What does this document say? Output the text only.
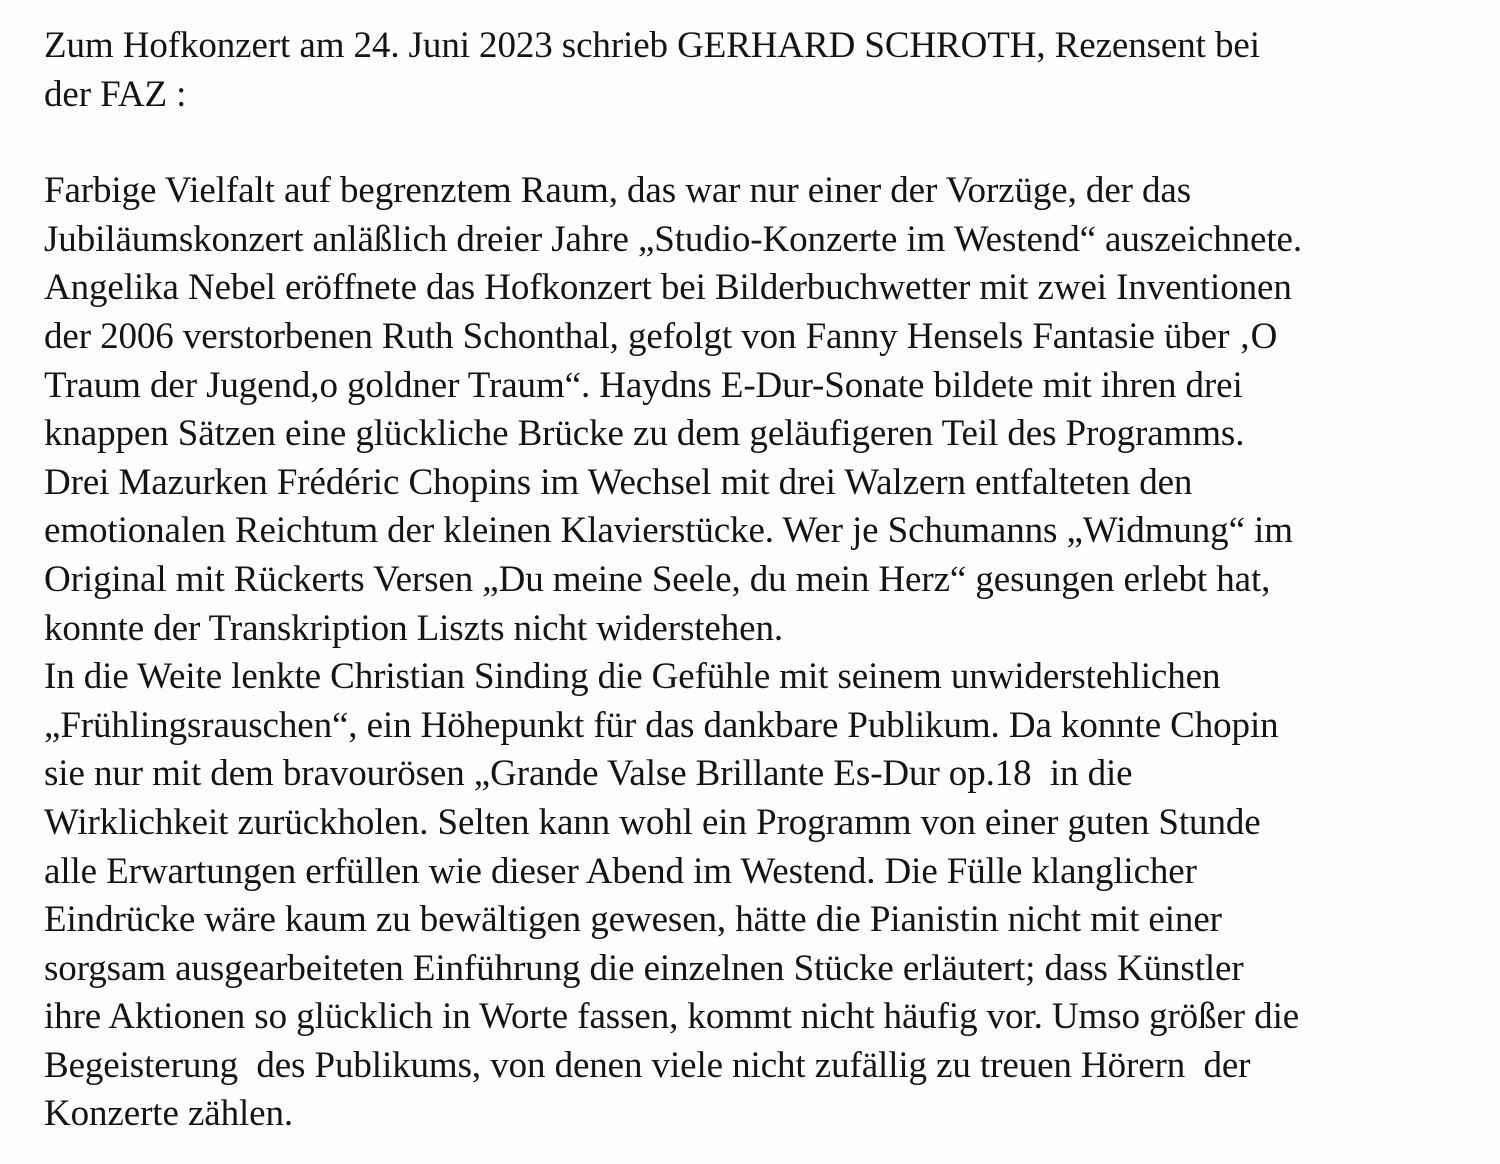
Zum Hofkonzert am 24. Juni 2023 schrieb GERHARD SCHROTH, Rezensent bei
der FAZ :
Farbige Vielfalt auf begrenztem Raum, das war nur einer der Vorzüge, der das
Jubiläumskonzert anläßlich dreier Jahre „Studio-Konzerte im Westend“ auszeichnete.
Angelika Nebel eröffnete das Hofkonzert bei Bilderbuchwetter mit zwei Inventionen
der 2006 verstorbenen Ruth Schonthal, gefolgt von Fanny Hensels Fantasie über ‚O
Traum der Jugend,o goldner Traum“. Haydns E-Dur-Sonate bildete mit ihren drei
knappen Sätzen eine glückliche Brücke zu dem geläufigeren Teil des Programms.
Drei Mazurken Frédéric Chopins im Wechsel mit drei Walzern entfalteten den
emotionalen Reichtum der kleinen Klavierstücke. Wer je Schumanns „Widmung“ im
Original mit Rückerts Versen „Du meine Seele, du mein Herz“ gesungen erlebt hat,
konnte der Transkription Liszts nicht widerstehen.
In die Weite lenkte Christian Sinding die Gefühle mit seinem unwiderstehlichen
„Frühlingsrauschen“, ein Höhepunkt für das dankbare Publikum. Da konnte Chopin
sie nur mit dem bravourösen „Grande Valse Brillante Es-Dur op.18  in die
Wirklichkeit zurückholen. Selten kann wohl ein Programm von einer guten Stunde
alle Erwartungen erfüllen wie dieser Abend im Westend. Die Fülle klanglicher
Eindrücke wäre kaum zu bewältigen gewesen, hätte die Pianistin nicht mit einer
sorgsam ausgearbeiteten Einführung die einzelnen Stücke erläutert; dass Künstler
ihre Aktionen so glücklich in Worte fassen, kommt nicht häufig vor. Umso größer die
Begeisterung  des Publikums, von denen viele nicht zufällig zu treuen Hörern  der
Konzerte zählen.
